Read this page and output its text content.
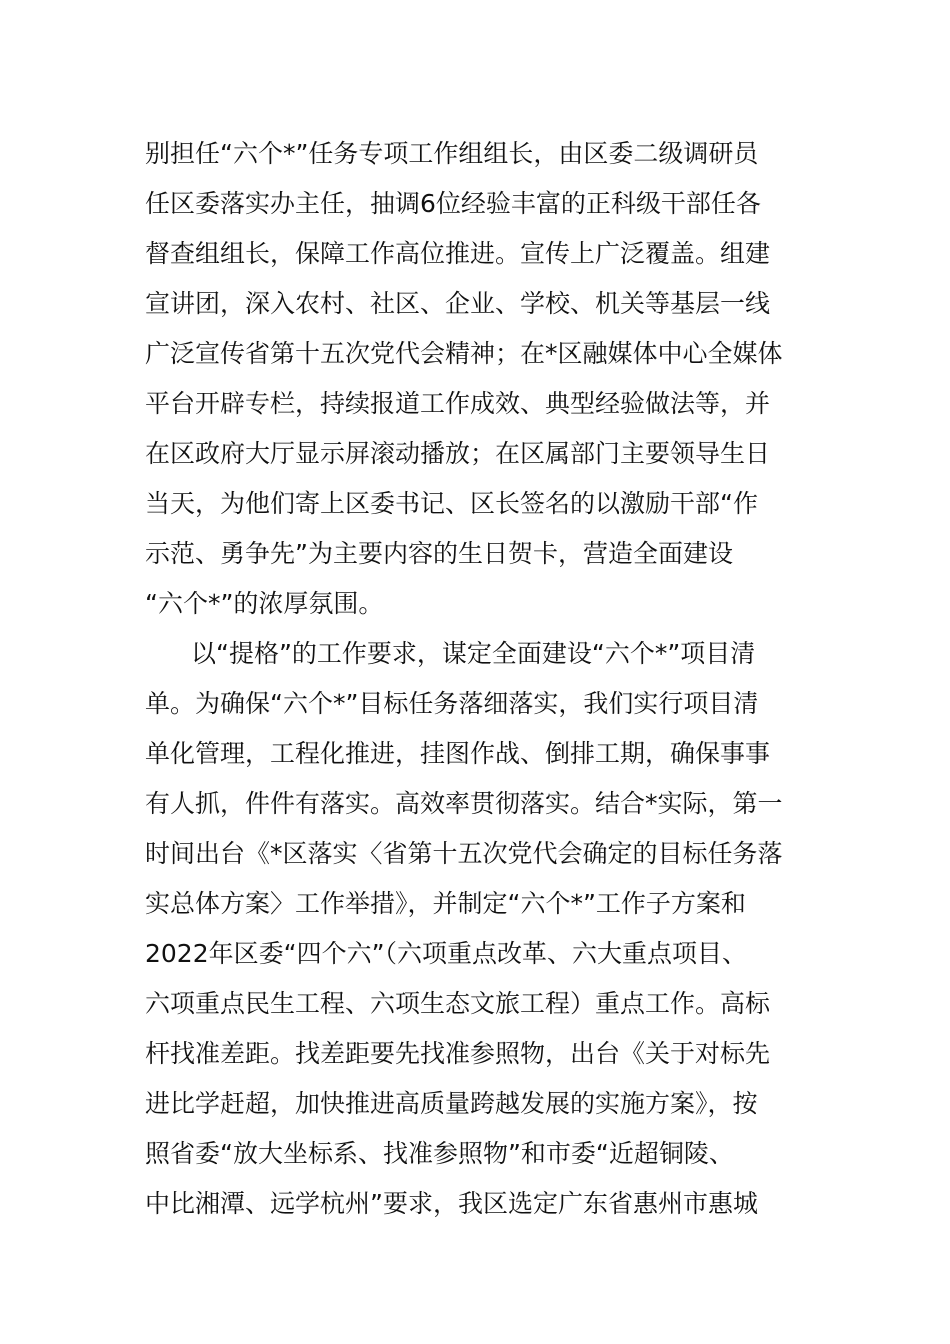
别担任“六个*”任务专项工作组组长，由区委二级调研员
任区委落实办主任，抽调6位经验丰富的正科级干部任各
督查组组长，保障工作高位推进。宣传上广泛覆盖。组建
宣讲团，深入农村、社区、企业、学校、机关等基层一线
广泛宣传省第十五次党代会精神；在*区融媒体中心全媒体
平台开辟专栏，持续报道工作成效、典型经验做法等，并
在区政府大厅显示屏滚动播放；在区属部门主要领导生日
当天，为他们寄上区委书记、区长签名的以激励干部“作
示范、勇争先”为主要内容的生日贺卡，营造全面建设
“六个*”的浓厚氛围。
以“提格”的工作要求，谋定全面建设“六个*”项目清
单。为确保“六个*”目标任务落细落实，我们实行项目清
单化管理，工程化推进，挂图作战、倒排工期，确保事事
有人抓，件件有落实。高效率贯彻落实。结合*实际，第一
时间出台《*区落实〈省第十五次党代会确定的目标任务落
实总体方案〉工作举措》，并制定“六个*”工作子方案和
2022年区委“四个六”（六项重点改革、六大重点项目、
六项重点民生工程、六项生态文旅工程）重点工作。高标
杆找准差距。找差距要先找准参照物，出台《关于对标先
进比学赶超，加快推进高质量跨越发展的实施方案》，按
照省委“放大坐标系、找准参照物”和市委“近超铜陵、
中比湘潭、远学杭州”要求，我区选定广东省惠州市惠城
